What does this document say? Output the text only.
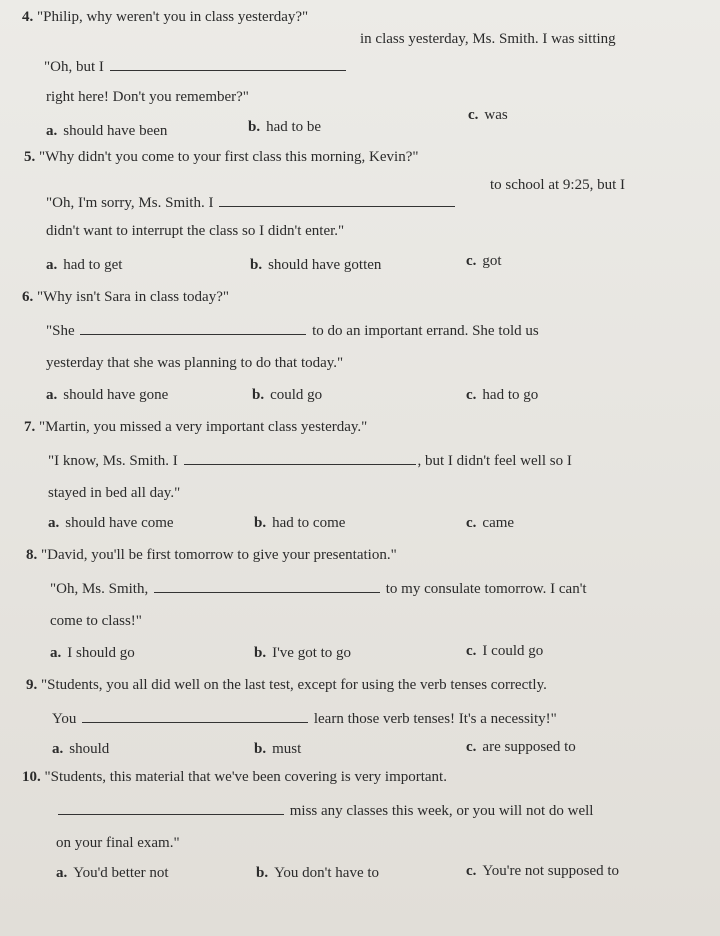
4. "Philip, why weren't you in class yesterday?"
"Oh, but I
in class yesterday, Ms. Smith. I was sitting
right here! Don't you remember?"
a. should have been	b. had to be
c. was
5. "Why didn't you come to your first class this morning, Kevin?"
"Oh, I'm sorry, Ms. Smith. I
to school at 9:25, but I
didn't want to interrupt the class so I didn't enter."
a. had to get	b. should have gotten	c. got
6. "Why isn't Sara in class today?"
"She	to do an important errand. She told us
yesterday that she was planning to do that today."
a. should have gone	b. could go	c. had to go
7. "Martin, you missed a very important class yesterday."
"I know, Ms. Smith. I	, but I didn't feel well so I
stayed in bed all day."
a. should have come	b. had to come	c. came
8. "David, you'll be first tomorrow to give your presentation."
"Oh, Ms. Smith,	to my consulate tomorrow. I can't
come to class!"
a. I should go	b. I've got to go	c. I could go
9. "Students, you all did well on the last test, except for using the verb tenses correctly.
You	learn those verb tenses! It's a necessity!"
a. should	b. must	c. are supposed to
10. "Students, this material that we've been covering is very important.
miss any classes this week, or you will not do well
on your final exam."
a. You'd better not	b. You don't have to	c. You're not supposed to
